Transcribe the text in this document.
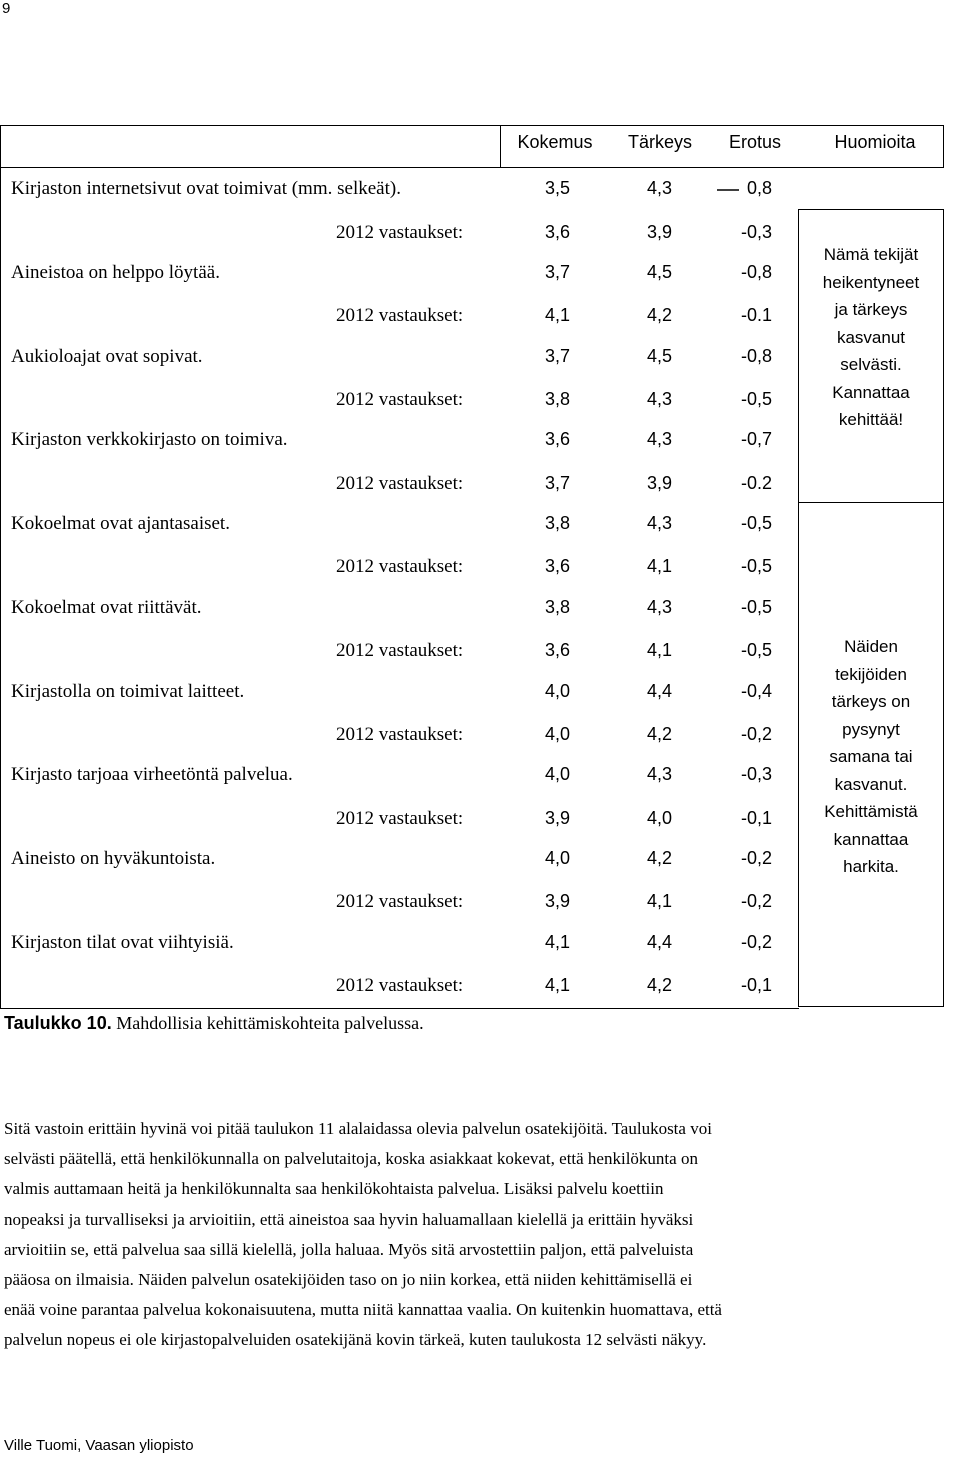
9
Kokemus	Tärkeys	Erotus	Huomioita
Kirjaston internetsivut ovat toimivat (mm. selkeät).	3,5	4,3	0,8
2012 vastaukset:	3,6	3,9	-0,3
Aineistoa on helppo löytää.	3,7	4,5	-0,8
2012 vastaukset:	4,1	4,2	-0.1
Aukioloajat ovat sopivat.	3,7	4,5	-0,8
2012 vastaukset:	3,8	4,3	-0,5
Kirjaston verkkokirjasto on toimiva.	3,6	4,3	-0,7
2012 vastaukset:	3,7	3,9	-0.2
Kokoelmat ovat ajantasaiset.	3,8	4,3	-0,5
2012 vastaukset:	3,6	4,1	-0,5
Kokoelmat ovat riittävät.	3,8	4,3	-0,5
2012 vastaukset:	3,6	4,1	-0,5
Kirjastolla on toimivat laitteet.	4,0	4,4	-0,4
2012 vastaukset:	4,0	4,2	-0,2
Kirjasto tarjoaa virheetöntä palvelua.	4,0	4,3	-0,3
2012 vastaukset:	3,9	4,0	-0,1
Aineisto on hyväkuntoista.	4,0	4,2	-0,2
2012 vastaukset:	3,9	4,1	-0,2
Kirjaston tilat ovat viihtyisiä.	4,1	4,4	-0,2
2012 vastaukset:	4,1	4,2	-0,1
Nämä tekijät
heikentyneet
ja tärkeys
kasvanut
selvästi.
Kannattaa
kehittää!
Näiden
tekijöiden
tärkeys on
pysynyt
samana tai
kasvanut.
Kehittämistä
kannattaa
harkita.
Taulukko 10. Mahdollisia kehittämiskohteita palvelussa.
Sitä vastoin erittäin hyvinä voi pitää taulukon 11 alalaidassa olevia palvelun osatekijöitä. Taulukosta voi
selvästi päätellä, että henkilökunnalla on palvelutaitoja, koska asiakkaat kokevat, että henkilökunta on
valmis auttamaan heitä ja henkilökunnalta saa henkilökohtaista palvelua. Lisäksi palvelu koettiin
nopeaksi ja turvalliseksi ja arvioitiin, että aineistoa saa hyvin haluamallaan kielellä ja erittäin hyväksi
arvioitiin se, että palvelua saa sillä kielellä, jolla haluaa. Myös sitä arvostettiin paljon, että palveluista
pääosa on ilmaisia. Näiden palvelun osatekijöiden taso on jo niin korkea, että niiden kehittämisellä ei
enää voine parantaa palvelua kokonaisuutena, mutta niitä kannattaa vaalia. On kuitenkin huomattava, että
palvelun nopeus ei ole kirjastopalveluiden osatekijänä kovin tärkeä, kuten taulukosta 12 selvästi näkyy.
Ville Tuomi, Vaasan yliopisto
